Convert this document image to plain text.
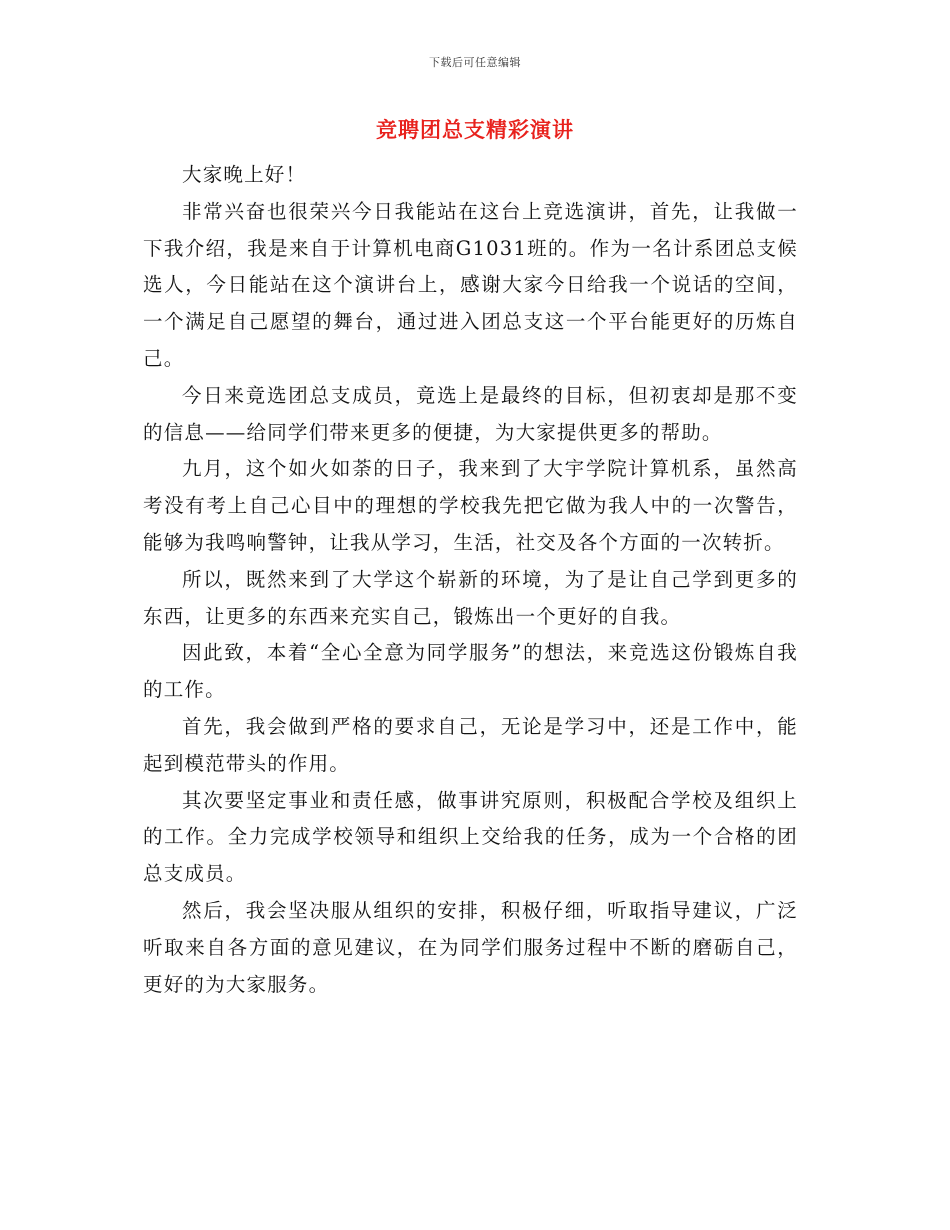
下载后可任意编辑
竞聘团总支精彩演讲

大家晚上好！

非常兴奋也很荣兴今日我能站在这台上竞选演讲，首先，让我做一下我介绍，我是来自于计算机电商G1031班的。作为一名计系团总支候选人，今日能站在这个演讲台上，感谢大家今日给我一个说话的空间，一个满足自己愿望的舞台，通过进入团总支这一个平台能更好的历炼自己。

今日来竟选团总支成员，竟选上是最终的目标，但初衷却是那不变的信息——给同学们带来更多的便捷，为大家提供更多的帮助。

九月，这个如火如荼的日子，我来到了大宇学院计算机系，虽然高考没有考上自己心目中的理想的学校我先把它做为我人中的一次警告，能够为我鸣响警钟，让我从学习，生活，社交及各个方面的一次转折。

所以，既然来到了大学这个崭新的环境，为了是让自己学到更多的东西，让更多的东西来充实自己，锻炼出一个更好的自我。

因此致，本着“全心全意为同学服务”的想法，来竞选这份锻炼自我的工作。

首先，我会做到严格的要求自己，无论是学习中，还是工作中，能起到模范带头的作用。

其次要坚定事业和责任感，做事讲究原则，积极配合学校及组织上的工作。全力完成学校领导和组织上交给我的任务，成为一个合格的团总支成员。

然后，我会坚决服从组织的安排，积极仔细，听取指导建议，广泛听取来自各方面的意见建议，在为同学们服务过程中不断的磨砺自己，更好的为大家服务。
